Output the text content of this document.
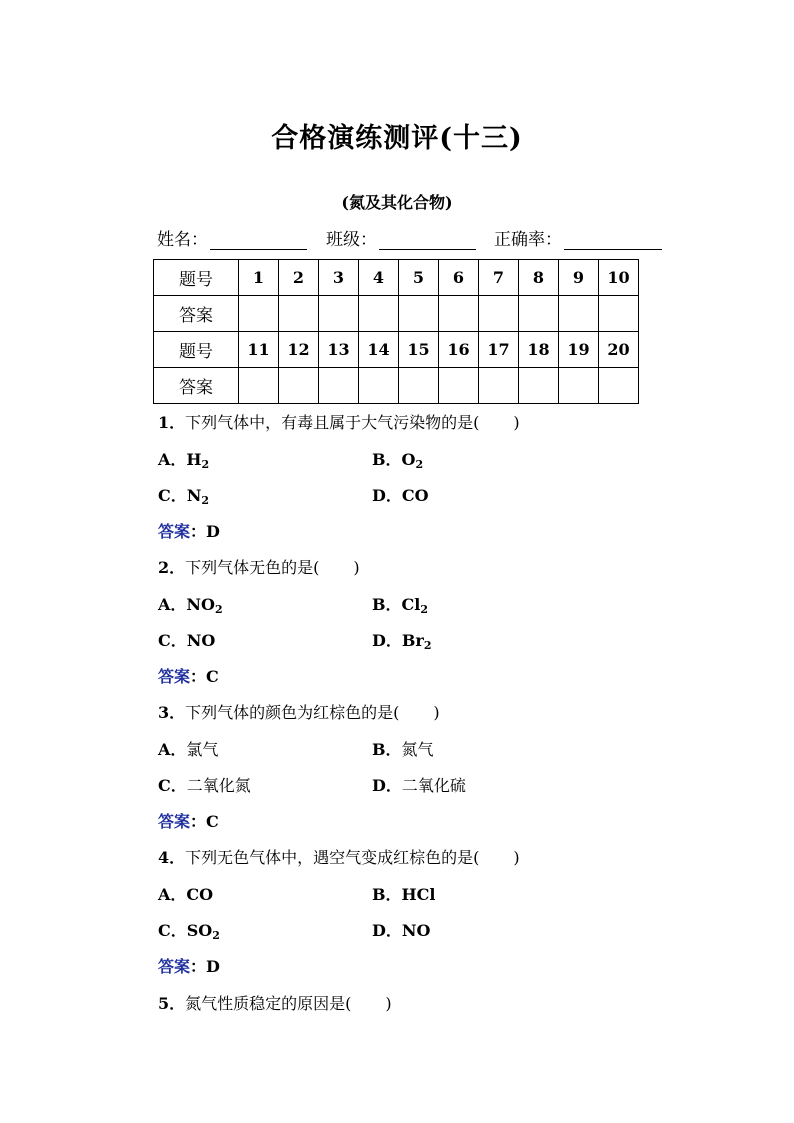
合格演练测评(十三)
(氮及其化合物)
姓名：	班级：	正确率：
题号	1	2	3	4	5	6	7	8	9	10
答案										
题号	11	12	13	14	15	16	17	18	19	20
答案										
1．下列气体中，有毒且属于大气污染物的是( )
A．$H_2$	B．$O_2$
C．$N_2$	D．CO
答案：D
2．下列气体无色的是( )
A．$NO_2$	B．$Cl_2$
C．NO	D．$Br_2$
答案：C
3．下列气体的颜色为红棕色的是( )
A．氯气	B．氮气
C．二氧化氮	D．二氧化硫
答案：C
4．下列无色气体中，遇空气变成红棕色的是( )
A．CO	B．HCl
C．$SO_2$	D．NO
答案：D
5．氮气性质稳定的原因是( )
